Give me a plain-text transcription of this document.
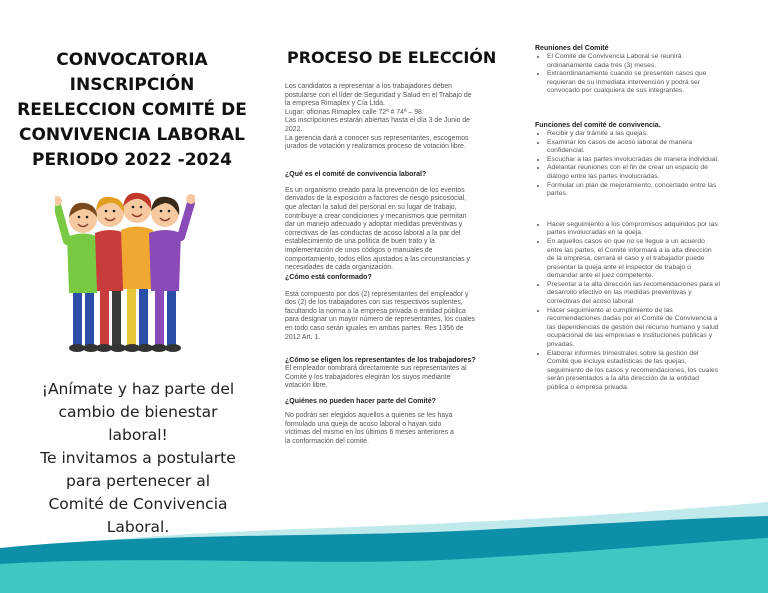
CONVOCATORIA
INSCRIPCIÓN
REELECCION COMITÉ DE
CONVIVENCIA LABORAL
PERIODO 2022 -2024
¡Anímate y haz parte del
cambio de bienestar
laboral!
Te invitamos a postularte
para pertenecer al
Comité de Convivencia
Laboral.
PROCESO DE ELECCIÓN

Los candidatos a representar a los trabajadores deben

postularse con el líder de Seguridad y Salud en el Trabajo de

la empresa Rimaplex y Cía Ltda.

Lugar: oficinas Rimaplex calle 72ª # 74ª – 98.

Las inscripciones estarán abiertas hasta el día 3 de Junio de

2022.

La gerencia dará a conocer sus representantes, escogemos

jurados de votación y realizamos proceso de votación libre.

¿Qué es el comité de convivencia laboral?

Es un organismo creado para la prevención de los eventos

derivados de la exposición a factores de riesgo psicosocial,

que afectan la salud del personal en su lugar de trabajo,

contribuye a crear condiciones y mecanismos que permitan

dar un manejo adecuado y adoptar medidas preventivas y

correctivas de las conductas de acoso laboral a la par del

establecimiento de una política de buen trato y la

implementación de unos códigos o manuales de

comportamiento, todos ellos ajustados a las circunstancias y

necesidades de cada organización.

¿Cómo está conformado?

Está compuesto por dos (2) representantes del empleador y

dos (2) de los trabajadores con sus respectivos suplentes,

facultando la norma a la empresa privada o entidad pública

para designar un mayor número de representantes, los cuales

en todo caso serán iguales en ambas partes. Res 1356 de

2012 Art. 1.

¿Cómo se eligen los representantes de los trabajadores?

El empleador nombrará directamente sus representantes al

Comité y los trabajadores elegirán los suyos mediante

votación libre.

¿Quiénes no pueden hacer parte del Comité?

No podrán ser elegidos aquellos a quienes se les haya

formulado una queja de acoso laboral o hayan sido

víctimas del mismo en los últimos 6 meses anteriores a

la conformación del comité.

Reuniones del Comité

• El Comité de Convivencia Laboral se reunirá
ordinariamente cada tres (3) meses.
• Extraordinariamente cuando se presenten casos que
requieran de su inmediata intervención y podrá ser
convocado por cualquiera de sus integrantes.

Funciones del comité de convivencia.

• Recibir y dar trámite a las quejas.
• Examinar los casos de acoso laboral de manera
confidencial.
• Escuchar a las partes involucradas de manera individual.
• Adelantar reuniones con el fin de crear un espacio de
diálogo entre las partes involucradas.
• Formular un plan de mejoramiento, concertado entre las
partes.
• Hacer seguimiento a los compromisos adquiridos por las
partes involucradas en la queja.
• En aquellos casos en que no se llegue a un acuerdo
entre las partes, el Comité informará a la alta dirección
de la empresa, cerrará el caso y el trabajador puede
presentar la queja ante el inspector de trabajo o
demandar ante el juez competente.
• Presentar a la alta dirección las recomendaciones para el
desarrollo efectivo en las medidas preventivas y
correctivas del acoso laboral
• Hacer seguimiento al cumplimiento de las
recomendaciones dadas por el Comité de Convivencia a
las dependencias de gestión del recurso humano y salud
ocupacional de las empresas e instituciones públicas y
privadas.
• Elaborar informes trimestrales sobre la gestión del
Comité que incluya estadísticas de las quejas,
seguimiento de los casos y recomendaciones, los cuales
serán presentados a la alta dirección de la entidad
pública o empresa privada.
